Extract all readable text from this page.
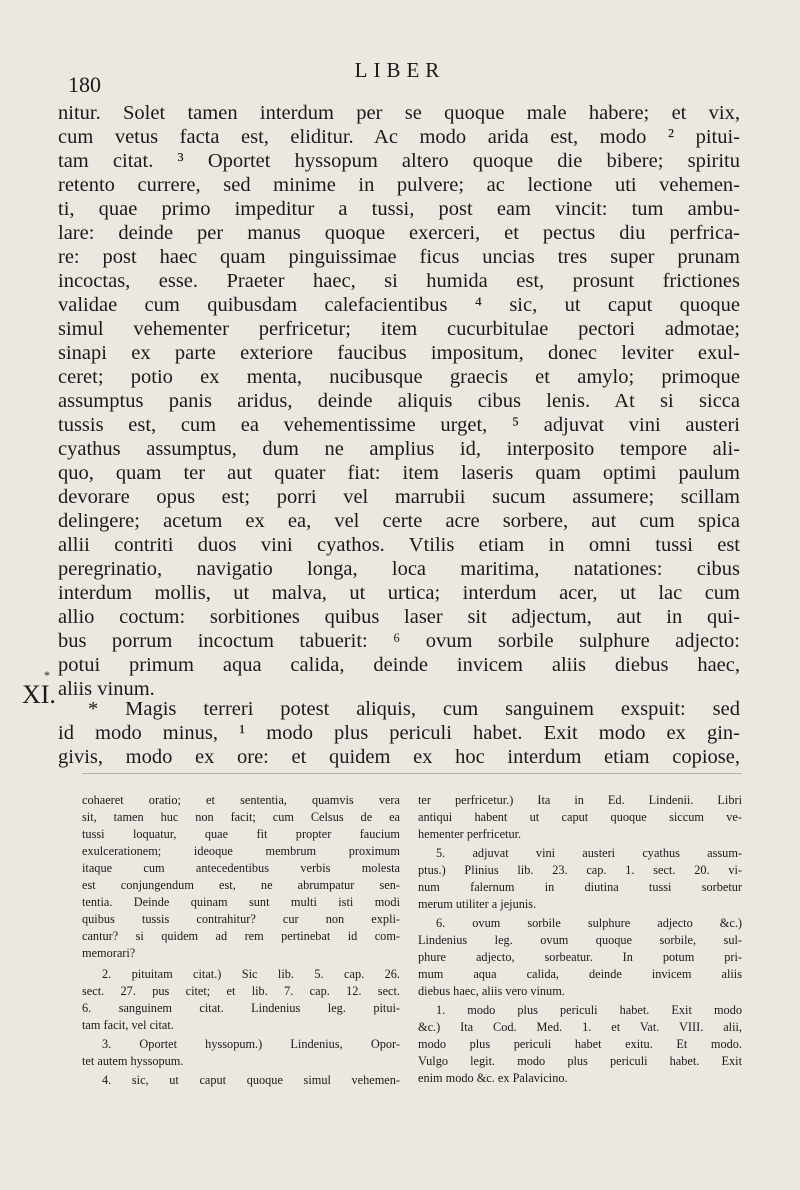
180
LIBER
*
XI.
nitur. Solet tamen interdum per se quoque male habere; et vix,
cum vetus facta est, eliditur. Ac modo arida est, modo ² pitui-
tam citat. ³ Oportet hyssopum altero quoque die bibere; spiritu
retento currere, sed minime in pulvere; ac lectione uti vehemen-
ti, quae primo impeditur a tussi, post eam vincit: tum ambu-
lare: deinde per manus quoque exerceri, et pectus diu perfrica-
re: post haec quam pinguissimae ficus uncias tres super prunam
incoctas, esse. Praeter haec, si humida est, prosunt frictiones
validae cum quibusdam calefacientibus ⁴ sic, ut caput quoque
simul vehementer perfricetur; item cucurbitulae pectori admotae;
sinapi ex parte exteriore faucibus impositum, donec leviter exul-
ceret; potio ex menta, nucibusque graecis et amylo; primoque
assumptus panis aridus, deinde aliquis cibus lenis. At si sicca
tussis est, cum ea vehementissime urget, ⁵ adjuvat vini austeri
cyathus assumptus, dum ne amplius id, interposito tempore ali-
quo, quam ter aut quater fiat: item laseris quam optimi paulum
devorare opus est; porri vel marrubii sucum assumere; scillam
delingere; acetum ex ea, vel certe acre sorbere, aut cum spica
allii contriti duos vini cyathos. Vtilis etiam in omni tussi est
peregrinatio, navigatio longa, loca maritima, natationes: cibus
interdum mollis, ut malva, ut urtica; interdum acer, ut lac cum
allio coctum: sorbitiones quibus laser sit adjectum, aut in qui-
bus porrum incoctum tabuerit: ⁶ ovum sorbile sulphure adjecto:
potui primum aqua calida, deinde invicem aliis diebus haec,
aliis vinum.
* Magis terreri potest aliquis, cum sanguinem exspuit: sed
id modo minus, ¹ modo plus periculi habet. Exit modo ex gin-
givis, modo ex ore: et quidem ex hoc interdum etiam copiose,
cohaeret oratio; et sententia, quamvis vera
sit, tamen huc non facit; cum Celsus de ea
tussi loquatur, quae fit propter faucium
exulcerationem; ideoque membrum proximum
itaque cum antecedentibus verbis molesta
est conjungendum est, ne abrumpatur sen-
tentia. Deinde quinam sunt multi isti modi
quibus tussis contrahitur? cur non expli-
cantur? si quidem ad rem pertinebat id com-
memorari?
2. pituitam citat.) Sic lib. 5. cap. 26.
sect. 27. pus citet; et lib. 7. cap. 12. sect.
6. sanguinem citat. Lindenius leg. pitui-
tam facit, vel citat.
3. Oportet hyssopum.) Lindenius, Opor-
tet autem hyssopum.
4. sic, ut caput quoque simul vehemen-
ter perfricetur.) Ita in Ed. Lindenii. Libri
antiqui habent ut caput quoque siccum ve-
hementer perfricetur.
5. adjuvat vini austeri cyathus assum-
ptus.) Plinius lib. 23. cap. 1. sect. 20. vi-
num falernum in diutina tussi sorbetur
merum utiliter a jejunis.
6. ovum sorbile sulphure adjecto &c.)
Lindenius leg. ovum quoque sorbile, sul-
phure adjecto, sorbeatur. In potum pri-
mum aqua calida, deinde invicem aliis
diebus haec, aliis vero vinum.
1. modo plus periculi habet. Exit modo
&c.) Ita Cod. Med. 1. et Vat. VIII. alii,
modo plus periculi habet exitu. Et modo.
Vulgo legit. modo plus periculi habet. Exit
enim modo &c. ex Palavicino.
